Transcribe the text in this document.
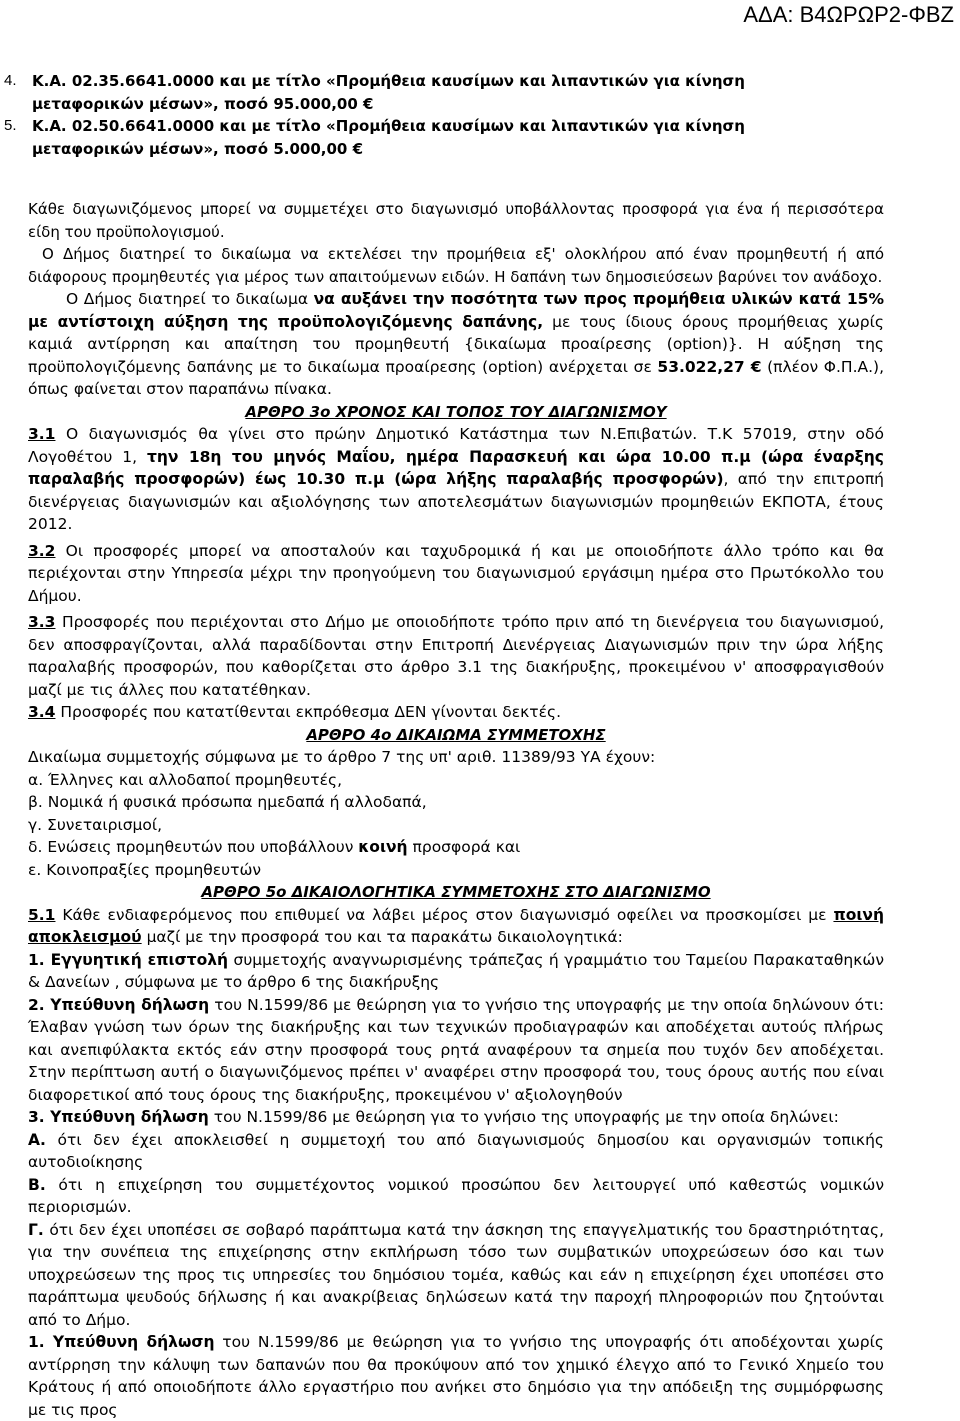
ΑΔΑ: Β4ΩΡΩΡ2-ΦΒΖ
4.	Κ.Α. 02.35.6641.0000 και με τίτλο «Προμήθεια καυσίμων και λιπαντικών για κίνηση
μεταφορικών μέσων», ποσό 95.000,00 €
5.	Κ.Α. 02.50.6641.0000 και με τίτλο «Προμήθεια καυσίμων και λιπαντικών για κίνηση
μεταφορικών μέσων», ποσό 5.000,00 €

Κάθε διαγωνιζόμενος μπορεί να συμμετέχει στο διαγωνισμό υποβάλλοντας προσφορά για ένα ή περισσότερα είδη του προϋπολογισμού.

Ο Δήμος διατηρεί το δικαίωμα να εκτελέσει την προμήθεια εξ' ολοκλήρου από έναν προμηθευτή ή από διάφορους προμηθευτές για μέρος των απαιτούμενων ειδών. Η δαπάνη των δημοσιεύσεων βαρύνει τον ανάδοχο.

Ο Δήμος διατηρεί το δικαίωμα να αυξάνει την ποσότητα των προς προμήθεια υλικών κατά 15% με αντίστοιχη αύξηση της προϋπολογιζόμενης δαπάνης, με τους ίδιους όρους προμήθειας χωρίς καμιά αντίρρηση και απαίτηση του προμηθευτή {δικαίωμα προαίρεσης (option)}. Η αύξηση της προϋπολογιζόμενης δαπάνης με το δικαίωμα προαίρεσης (option) ανέρχεται σε 53.022,27 € (πλέον Φ.Π.Α.), όπως φαίνεται στον παραπάνω πίνακα.

ΑΡΘΡΟ 3ο ΧΡΟΝΟΣ ΚΑΙ ΤΟΠΟΣ ΤΟΥ ΔΙΑΓΩΝΙΣΜΟΥ

3.1 Ο διαγωνισμός θα γίνει στο πρώην Δημοτικό Κατάστημα των Ν.Επιβατών. Τ.Κ 57019, στην οδό Λογοθέτου 1, την 18η του μηνός Μαΐου, ημέρα Παρασκευή και ώρα 10.00 π.μ (ώρα έναρξης παραλαβής προσφορών) έως 10.30 π.μ (ώρα λήξης παραλαβής προσφορών), από την επιτροπή διενέργειας διαγωνισμών και αξιολόγησης των αποτελεσμάτων διαγωνισμών προμηθειών ΕΚΠΟΤΑ, έτους 2012.

3.2 Οι προσφορές μπορεί να αποσταλούν και ταχυδρομικά ή και με οποιοδήποτε άλλο τρόπο και θα περιέχονται στην Υπηρεσία μέχρι την προηγούμενη του διαγωνισμού εργάσιμη ημέρα στο Πρωτόκολλο του Δήμου.

3.3 Προσφορές που περιέχονται στο Δήμο με οποιοδήποτε τρόπο πριν από τη διενέργεια του διαγωνισμού, δεν αποσφραγίζονται, αλλά παραδίδονται στην Επιτροπή Διενέργειας Διαγωνισμών πριν την ώρα λήξης παραλαβής προσφορών, που καθορίζεται στο άρθρο 3.1 της διακήρυξης, προκειμένου ν' αποσφραγισθούν μαζί με τις άλλες που κατατέθηκαν.

3.4 Προσφορές που κατατίθενται εκπρόθεσμα ΔΕΝ γίνονται δεκτές.

ΑΡΘΡΟ 4ο ΔΙΚΑΙΩΜΑ ΣΥΜΜΕΤΟΧΗΣ

Δικαίωμα συμμετοχής σύμφωνα με το άρθρο 7 της υπ' αριθ. 11389/93 ΥΑ έχουν:

α. Έλληνες και αλλοδαποί προμηθευτές,

β. Νομικά ή φυσικά πρόσωπα ημεδαπά ή αλλοδαπά,

γ. Συνεταιρισμοί,

δ. Ενώσεις προμηθευτών που υποβάλλουν κοινή προσφορά και

ε. Κοινοπραξίες προμηθευτών

ΑΡΘΡΟ 5ο ΔΙΚΑΙΟΛΟΓΗΤΙΚΑ ΣΥΜΜΕΤΟΧΗΣ ΣΤΟ ΔΙΑΓΩΝΙΣΜΟ

5.1 Κάθε ενδιαφερόμενος που επιθυμεί να λάβει μέρος στον διαγωνισμό οφείλει να προσκομίσει με ποινή αποκλεισμού μαζί με την προσφορά του και τα παρακάτω δικαιολογητικά:

1. Εγγυητική επιστολή συμμετοχής αναγνωρισμένης τράπεζας ή γραμμάτιο του Ταμείου Παρακαταθηκών & Δανείων , σύμφωνα με το άρθρο 6 της διακήρυξης

2. Υπεύθυνη δήλωση του Ν.1599/86 με θεώρηση για το γνήσιο της υπογραφής με την οποία δηλώνουν ότι: Έλαβαν γνώση των όρων της διακήρυξης και των τεχνικών προδιαγραφών και αποδέχεται αυτούς πλήρως και ανεπιφύλακτα εκτός εάν στην προσφορά τους ρητά αναφέρουν τα σημεία που τυχόν δεν αποδέχεται. Στην περίπτωση αυτή ο διαγωνιζόμενος πρέπει ν' αναφέρει στην προσφορά του, τους όρους αυτής που είναι διαφορετικοί από τους όρους της διακήρυξης, προκειμένου ν' αξιολογηθούν

3. Υπεύθυνη δήλωση του Ν.1599/86 με θεώρηση για το γνήσιο της υπογραφής με την οποία δηλώνει:

Α. ότι δεν έχει αποκλεισθεί η συμμετοχή του από διαγωνισμούς δημοσίου και οργανισμών τοπικής αυτοδιοίκησης

Β. ότι η επιχείρηση του συμμετέχοντος νομικού προσώπου δεν λειτουργεί υπό καθεστώς νομικών περιορισμών.

Γ. ότι δεν έχει υποπέσει σε σοβαρό παράπτωμα κατά την άσκηση της επαγγελματικής του δραστηριότητας, για την συνέπεια της επιχείρησης στην εκπλήρωση τόσο των συμβατικών υποχρεώσεων όσο και των υποχρεώσεων της προς τις υπηρεσίες του δημόσιου τομέα, καθώς και εάν η επιχείρηση έχει υποπέσει στο παράπτωμα ψευδούς δήλωσης ή και ανακρίβειας δηλώσεων κατά την παροχή πληροφοριών που ζητούνται από το Δήμο.

1. Υπεύθυνη δήλωση του Ν.1599/86 με θεώρηση για το γνήσιο της υπογραφής ότι αποδέχονται χωρίς αντίρρηση την κάλυψη των δαπανών που θα προκύψουν από τον χημικό έλεγχο από το Γενικό Χημείο του Κράτους ή από οποιοδήποτε άλλο εργαστήριο που ανήκει στο δημόσιο για την απόδειξη της συμμόρφωσης με τις προς
